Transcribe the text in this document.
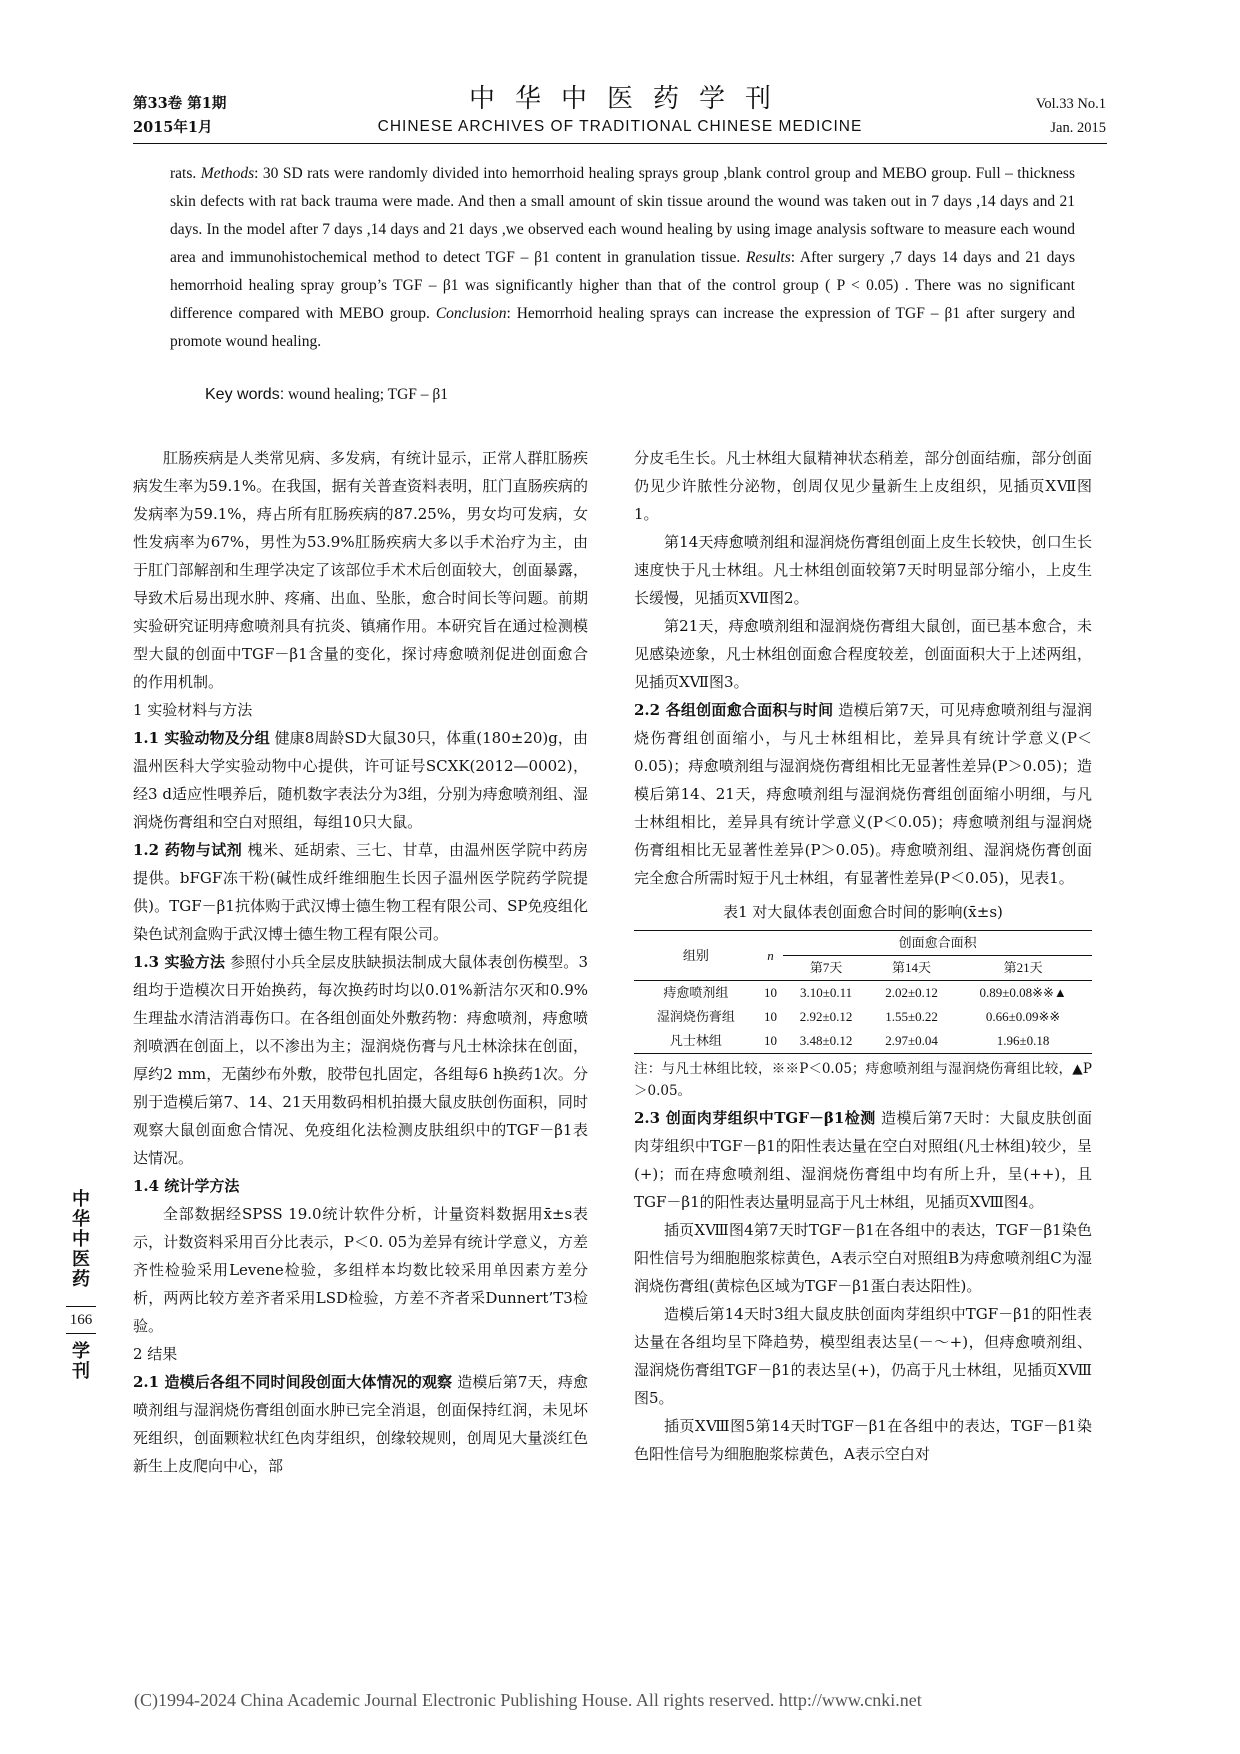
第33卷 第1期
2015年1月
中华中医药学刊
CHINESE ARCHIVES OF TRADITIONAL CHINESE MEDICINE
Vol.33 No.1
Jan. 2015
rats. Methods: 30 SD rats were randomly divided into hemorrhoid healing sprays group ,blank control group and MEBO group. Full – thickness skin defects with rat back trauma were made. And then a small amount of skin tissue around the wound was taken out in 7 days ,14 days and 21 days. In the model after 7 days ,14 days and 21 days ,we observed each wound healing by using image analysis software to measure each wound area and immunohistochemical method to detect TGF – β1 content in granulation tissue. Results: After surgery ,7 days 14 days and 21 days hemorrhoid healing spray group’s TGF – β1 was significantly higher than that of the control group ( P < 0.05) . There was no significant difference compared with MEBO group. Conclusion: Hemorrhoid healing sprays can increase the expression of TGF – β1 after surgery and promote wound healing.
Key words: wound healing; TGF – β1

肛肠疾病是人类常见病、多发病，有统计显示，正常人群肛肠疾病发生率为59.1%。在我国，据有关普查资料表明，肛门直肠疾病的发病率为59.1%，痔占所有肛肠疾病的87.25%，男女均可发病，女性发病率为67%，男性为53.9%肛肠疾病大多以手术治疗为主，由于肛门部解剖和生理学决定了该部位手术术后创面较大，创面暴露，导致术后易出现水肿、疼痛、出血、坠胀，愈合时间长等问题。前期实验研究证明痔愈喷剂具有抗炎、镇痛作用。本研究旨在通过检测模型大鼠的创面中TGF－β1含量的变化，探讨痔愈喷剂促进创面愈合的作用机制。

1 实验材料与方法

1.1 实验动物及分组 健康8周龄SD大鼠30只，体重(180±20)g，由温州医科大学实验动物中心提供，许可证号SCXK(2012—0002)，经3 d适应性喂养后，随机数字表法分为3组，分别为痔愈喷剂组、湿润烧伤膏组和空白对照组，每组10只大鼠。

1.2 药物与试剂 槐米、延胡索、三七、甘草，由温州医学院中药房提供。bFGF冻干粉(碱性成纤维细胞生长因子温州医学院药学院提供)。TGF－β1抗体购于武汉博士德生物工程有限公司、SP免疫组化染色试剂盒购于武汉博士德生物工程有限公司。

1.3 实验方法 参照付小兵全层皮肤缺损法制成大鼠体表创伤模型。3组均于造模次日开始换药，每次换药时均以0.01%新洁尔灭和0.9%生理盐水清洁消毒伤口。在各组创面处外敷药物：痔愈喷剂，痔愈喷剂喷洒在创面上，以不渗出为主；湿润烧伤膏与凡士林涂抹在创面，厚约2 mm，无菌纱布外敷，胶带包扎固定，各组每6 h换药1次。分别于造模后第7、14、21天用数码相机拍摄大鼠皮肤创伤面积，同时观察大鼠创面愈合情况、免疫组化法检测皮肤组织中的TGF－β1表达情况。

1.4 统计学方法

全部数据经SPSS 19.0统计软件分析，计量资料数据用x̄±s表示，计数资料采用百分比表示，P＜0. 05为差异有统计学意义，方差齐性检验采用Levene检验，多组样本均数比较采用单因素方差分析，两两比较方差齐者采用LSD检验，方差不齐者采Dunnert’T3检验。

2 结果

2.1 造模后各组不同时间段创面大体情况的观察 造模后第7天，痔愈喷剂组与湿润烧伤膏组创面水肿已完全消退，创面保持红润，未见坏死组织，创面颗粒状红色肉芽组织，创缘较规则，创周见大量淡红色新生上皮爬向中心，部

分皮毛生长。凡士林组大鼠精神状态稍差，部分创面结痂，部分创面仍见少许脓性分泌物，创周仅见少量新生上皮组织，见插页XⅦ图1。

第14天痔愈喷剂组和湿润烧伤膏组创面上皮生长较快，创口生长速度快于凡士林组。凡士林组创面较第7天时明显部分缩小，上皮生长缓慢，见插页XⅦ图2。

第21天，痔愈喷剂组和湿润烧伤膏组大鼠创，面已基本愈合，未见感染迹象，凡士林组创面愈合程度较差，创面面积大于上述两组，见插页XⅦ图3。

2.2 各组创面愈合面积与时间 造模后第7天，可见痔愈喷剂组与湿润烧伤膏组创面缩小，与凡士林组相比，差异具有统计学意义(P＜0.05)；痔愈喷剂组与湿润烧伤膏组相比无显著性差异(P＞0.05)；造模后第14、21天，痔愈喷剂组与湿润烧伤膏组创面缩小明细，与凡士林组相比，差异具有统计学意义(P＜0.05)；痔愈喷剂组与湿润烧伤膏组相比无显著性差异(P＞0.05)。痔愈喷剂组、湿润烧伤膏创面完全愈合所需时短于凡士林组，有显著性差异(P＜0.05)，见表1。

表1 对大鼠体表创面愈合时间的影响(x̄±s)
组别	n	创面愈合面积		
		第7天	第14天	第21天
痔愈喷剂组	10	3.10±0.11	2.02±0.12	0.89±0.08※※▲
湿润烧伤膏组	10	2.92±0.12	1.55±0.22	0.66±0.09※※
凡士林组	10	3.48±0.12	2.97±0.04	1.96±0.18
注：与凡士林组比较，※※P＜0.05；痔愈喷剂组与湿润烧伤膏组比较，▲P＞0.05。

2.3 创面肉芽组织中TGF－β1检测 造模后第7天时：大鼠皮肤创面肉芽组织中TGF－β1的阳性表达量在空白对照组(凡士林组)较少，呈(+)；而在痔愈喷剂组、湿润烧伤膏组中均有所上升，呈(++)，且TGF－β1的阳性表达量明显高于凡士林组，见插页XⅧ图4。

插页XⅧ图4第7天时TGF－β1在各组中的表达，TGF－β1染色阳性信号为细胞胞浆棕黄色，A表示空白对照组B为痔愈喷剂组C为湿润烧伤膏组(黄棕色区域为TGF－β1蛋白表达阳性)。

造模后第14天时3组大鼠皮肤创面肉芽组织中TGF－β1的阳性表达量在各组均呈下降趋势，模型组表达呈(－～+)，但痔愈喷剂组、湿润烧伤膏组TGF－β1的表达呈(+)，仍高于凡士林组，见插页XⅧ图5。

插页XⅧ图5第14天时TGF－β1在各组中的表达，TGF－β1染色阳性信号为细胞胞浆棕黄色，A表示空白对

中
华
中
医
药
166
学
刊
(C)1994-2024 China Academic Journal Electronic Publishing House. All rights reserved. http://www.cnki.net
